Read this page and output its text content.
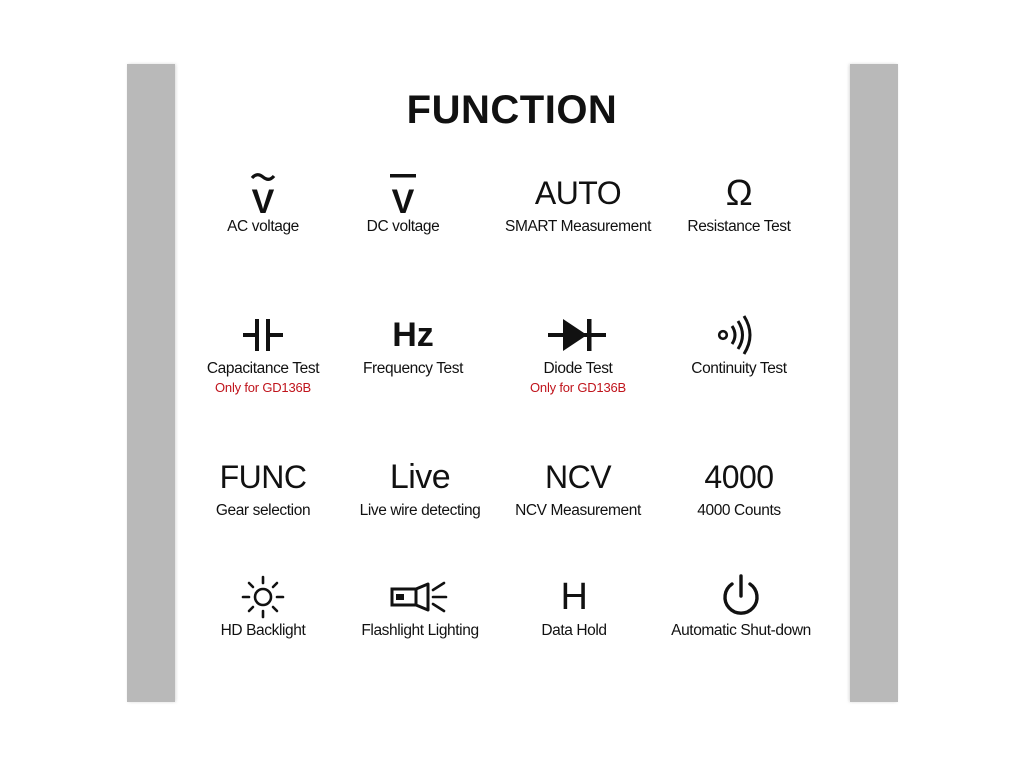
FUNCTION
V
AC voltage
V
DC voltage
AUTO
SMART Measurement
Ω
Resistance Test
Capacitance Test
Only for GD136B
Hz
Frequency Test	Diode Test
Only for GD136B
Continuity Test
FUNC
Gear selection
Live
Live wire detecting
NCV
NCV Measurement
4000
4000 Counts
HD Backlight	Flashlight Lighting
H
Data Hold	Automatic Shut-down
